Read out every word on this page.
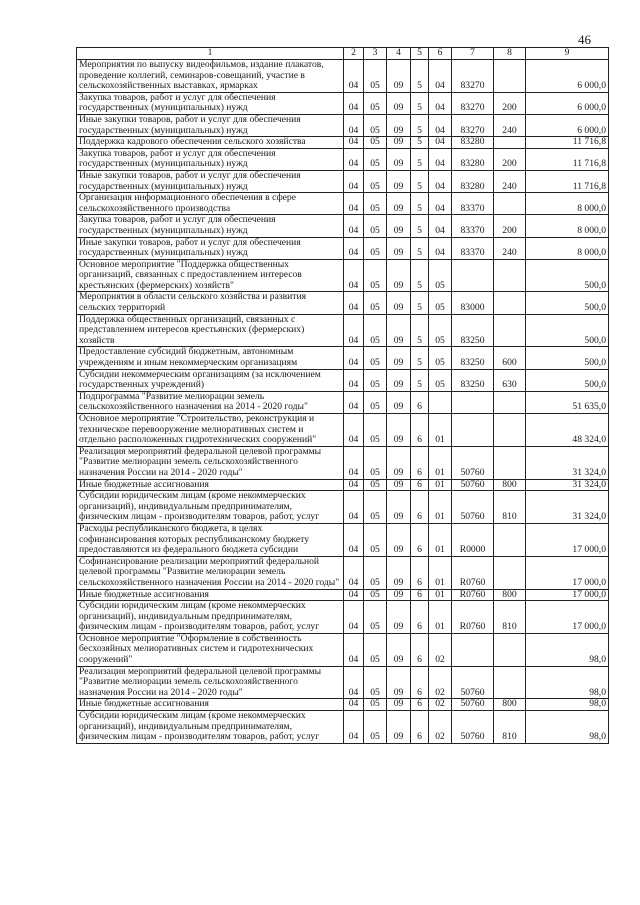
46
1	2	3	4	5	6	7	8	9
Мероприятия по выпуску видеофильмов, издание плакатов, проведение коллегий, семинаров-совещаний, участие в сельскохозяйственных выставках, ярмарках	04	05	09	5	04	83270		6 000,0
Закупка товаров, работ и услуг для обеспечения государственных (муниципальных) нужд	04	05	09	5	04	83270	200	6 000,0
Иные закупки товаров, работ и услуг для обеспечения государственных (муниципальных) нужд	04	05	09	5	04	83270	240	6 000,0
Поддержка кадрового обеспечения сельского хозяйства	04	05	09	5	04	83280		11 716,8
Закупка товаров, работ и услуг для обеспечения государственных (муниципальных) нужд	04	05	09	5	04	83280	200	11 716,8
Иные закупки товаров, работ и услуг для обеспечения государственных (муниципальных) нужд	04	05	09	5	04	83280	240	11 716,8
Организация информационного обеспечения в сфере сельскохозяйственного производства	04	05	09	5	04	83370		8 000,0
Закупка товаров, работ и услуг для обеспечения государственных (муниципальных) нужд	04	05	09	5	04	83370	200	8 000,0
Иные закупки товаров, работ и услуг для обеспечения государственных (муниципальных) нужд	04	05	09	5	04	83370	240	8 000,0
Основное мероприятие "Поддержка общественных организаций, связанных с предоставлением интересов крестьянских (фермерских) хозяйств"	04	05	09	5	05			500,0
Мероприятия в области сельского хозяйства и развития сельских территорий	04	05	09	5	05	83000		500,0
Поддержка общественных организаций, связанных с представлением интересов крестьянских (фермерских) хозяйств	04	05	09	5	05	83250		500,0
Предоставление субсидий бюджетным, автономным учреждениям и иным некоммерческим организациям	04	05	09	5	05	83250	600	500,0
Субсидии некоммерческим организациям (за исключением государственных учреждений)	04	05	09	5	05	83250	630	500,0
Подпрограмма "Развитие мелиорации земель сельскохозяйственного назначения на 2014 - 2020 годы"	04	05	09	6				51 635,0
Основное мероприятие "Строительство, реконструкция и техническое перевооружение мелиоративных систем и отдельно расположенных гидротехнических сооружений"	04	05	09	6	01			48 324,0
Реализация мероприятий федеральной целевой программы "Развитие мелиорации земель сельскохозяйственного назначения России на 2014 - 2020 годы"	04	05	09	6	01	50760		31 324,0
Иные бюджетные ассигнования	04	05	09	6	01	50760	800	31 324,0
Субсидии юридическим лицам (кроме некоммерческих организаций), индивидуальным предпринимателям, физическим лицам - производителям товаров, работ, услуг	04	05	09	6	01	50760	810	31 324,0
Расходы республиканского бюджета, в целях софинансирования которых республиканскому бюджету предоставляются из федерального бюджета субсидии	04	05	09	6	01	R0000		17 000,0
Софинансирование реализации мероприятий федеральной целевой программы "Развитие мелиорации земель сельскохозяйственного назначения России на 2014 - 2020 годы"	04	05	09	6	01	R0760		17 000,0
Иные бюджетные ассигнования	04	05	09	6	01	R0760	800	17 000,0
Субсидии юридическим лицам (кроме некоммерческих организаций), индивидуальным предпринимателям, физическим лицам - производителям товаров, работ, услуг	04	05	09	6	01	R0760	810	17 000,0
Основное мероприятие "Оформление в собственность бесхозяйных мелиоративных систем и гидротехнических сооружений"	04	05	09	6	02			98,0
Реализация мероприятий федеральной целевой программы "Развитие мелиорации земель сельскохозяйственного назначения России на 2014 - 2020 годы"	04	05	09	6	02	50760		98,0
Иные бюджетные ассигнования	04	05	09	6	02	50760	800	98,0
Субсидии юридическим лицам (кроме некоммерческих организаций), индивидуальным предпринимателям, физическим лицам - производителям товаров, работ, услуг	04	05	09	6	02	50760	810	98,0
